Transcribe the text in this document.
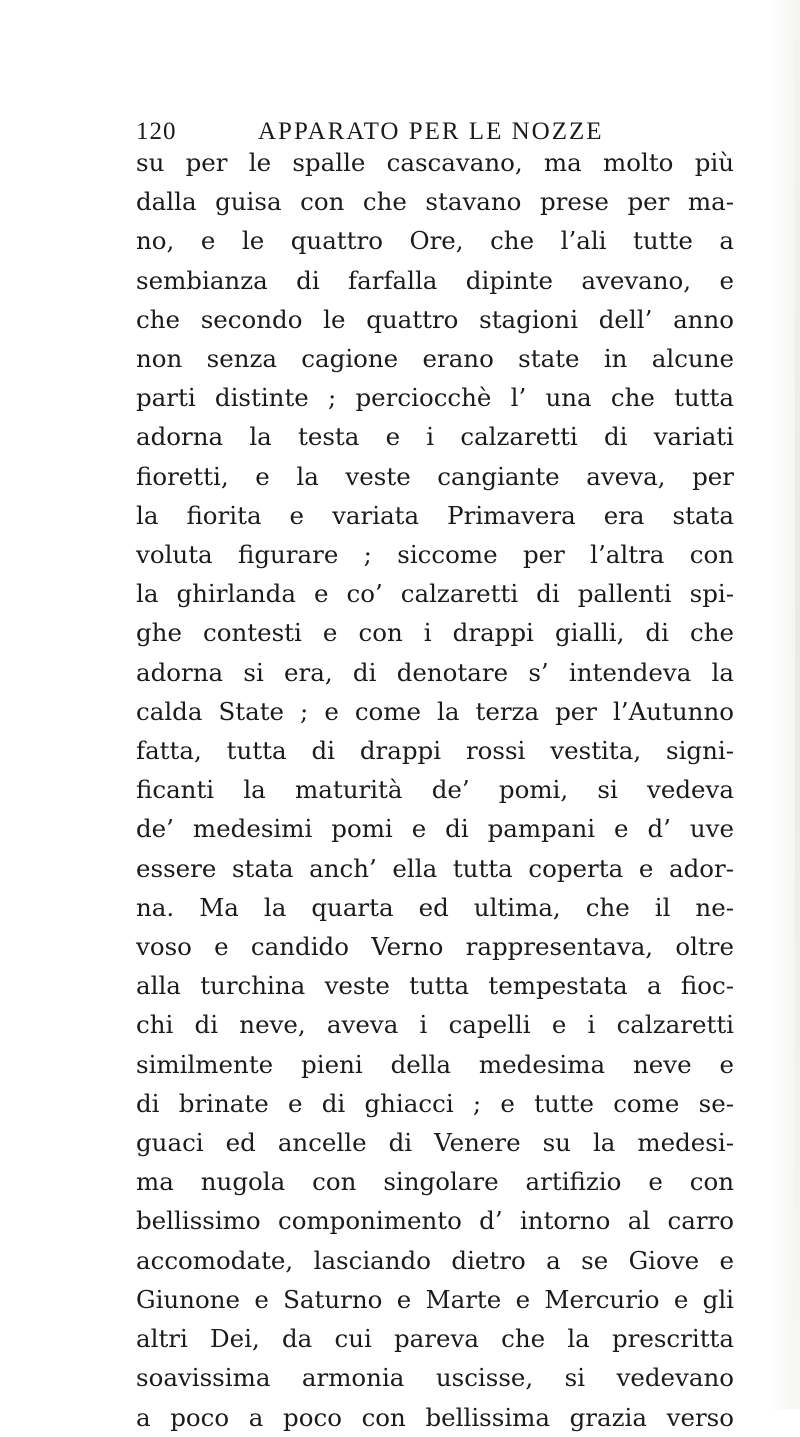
120	APPARATO PER LE NOZZE
su per le spalle cascavano, ma molto più
dalla guisa con che stavano prese per ma-
no, e le quattro Ore, che l’ali tutte a
sembianza di farfalla dipinte avevano, e
che secondo le quattro stagioni dell’ anno
non senza cagione erano state in alcune
parti distinte ; perciocchè l’ una che tutta
adorna la testa e i calzaretti di variati
fioretti, e la veste cangiante aveva, per
la fiorita e variata Primavera era stata
voluta figurare ; siccome per l’altra con
la ghirlanda e co’ calzaretti di pallenti spi-
ghe contesti e con i drappi gialli, di che
adorna si era, di denotare s’ intendeva la
calda State ; e come la terza per l’Autunno
fatta, tutta di drappi rossi vestita, signi-
ficanti la maturità de’ pomi, si vedeva
de’ medesimi pomi e di pampani e d’ uve
essere stata anch’ ella tutta coperta e ador-
na. Ma la quarta ed ultima, che il ne-
voso e candido Verno rappresentava, oltre
alla turchina veste tutta tempestata a fioc-
chi di neve, aveva i capelli e i calzaretti
similmente pieni della medesima neve e
di brinate e di ghiacci ; e tutte come se-
guaci ed ancelle di Venere su la medesi-
ma nugola con singolare artifizio e con
bellissimo componimento d’ intorno al carro
accomodate, lasciando dietro a se Giove e
Giunone e Saturno e Marte e Mercurio e gli
altri Dei, da cui pareva che la prescritta
soavissima armonia uscisse, si vedevano
a poco a poco con bellissima grazia verso
